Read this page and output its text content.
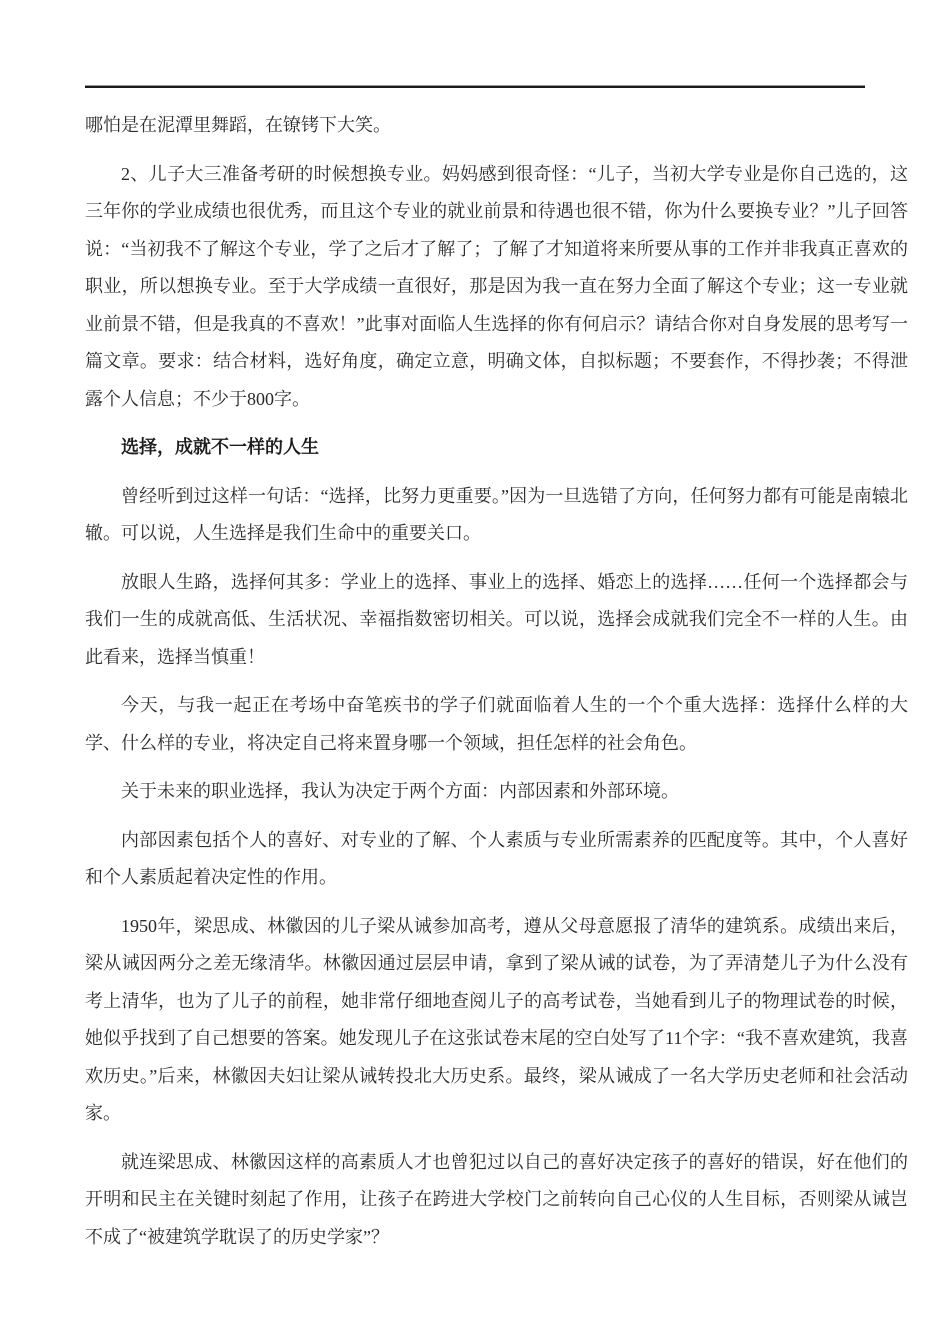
哪怕是在泥潭里舞蹈，在镣铐下大笑。

2、儿子大三准备考研的时候想换专业。妈妈感到很奇怪：“儿子，当初大学专业是你自己选的，这三年你的学业成绩也很优秀，而且这个专业的就业前景和待遇也很不错，你为什么要换专业？”儿子回答说：“当初我不了解这个专业，学了之后才了解了；了解了才知道将来所要从事的工作并非我真正喜欢的职业，所以想换专业。至于大学成绩一直很好，那是因为我一直在努力全面了解这个专业；这一专业就业前景不错，但是我真的不喜欢！”此事对面临人生选择的你有何启示？请结合你对自身发展的思考写一篇文章。要求：结合材料，选好角度，确定立意，明确文体，自拟标题；不要套作，不得抄袭；不得泄露个人信息；不少于800字。

选择，成就不一样的人生

曾经听到过这样一句话：“选择，比努力更重要。”因为一旦选错了方向，任何努力都有可能是南辕北辙。可以说，人生选择是我们生命中的重要关口。

放眼人生路，选择何其多：学业上的选择、事业上的选择、婚恋上的选择……任何一个选择都会与我们一生的成就高低、生活状况、幸福指数密切相关。可以说，选择会成就我们完全不一样的人生。由此看来，选择当慎重！

今天，与我一起正在考场中奋笔疾书的学子们就面临着人生的一个个重大选择：选择什么样的大学、什么样的专业，将决定自己将来置身哪一个领域，担任怎样的社会角色。

关于未来的职业选择，我认为决定于两个方面：内部因素和外部环境。

内部因素包括个人的喜好、对专业的了解、个人素质与专业所需素养的匹配度等。其中，个人喜好和个人素质起着决定性的作用。

1950年，梁思成、林徽因的儿子梁从诫参加高考，遵从父母意愿报了清华的建筑系。成绩出来后，梁从诫因两分之差无缘清华。林徽因通过层层申请，拿到了梁从诫的试卷，为了弄清楚儿子为什么没有考上清华，也为了儿子的前程，她非常仔细地查阅儿子的高考试卷，当她看到儿子的物理试卷的时候，她似乎找到了自己想要的答案。她发现儿子在这张试卷末尾的空白处写了11个字：“我不喜欢建筑，我喜欢历史。”后来，林徽因夫妇让梁从诫转投北大历史系。最终，梁从诫成了一名大学历史老师和社会活动家。

就连梁思成、林徽因这样的高素质人才也曾犯过以自己的喜好决定孩子的喜好的错误，好在他们的开明和民主在关键时刻起了作用，让孩子在跨进大学校门之前转向自己心仪的人生目标，否则梁从诫岂不成了“被建筑学耽误了的历史学家”？
